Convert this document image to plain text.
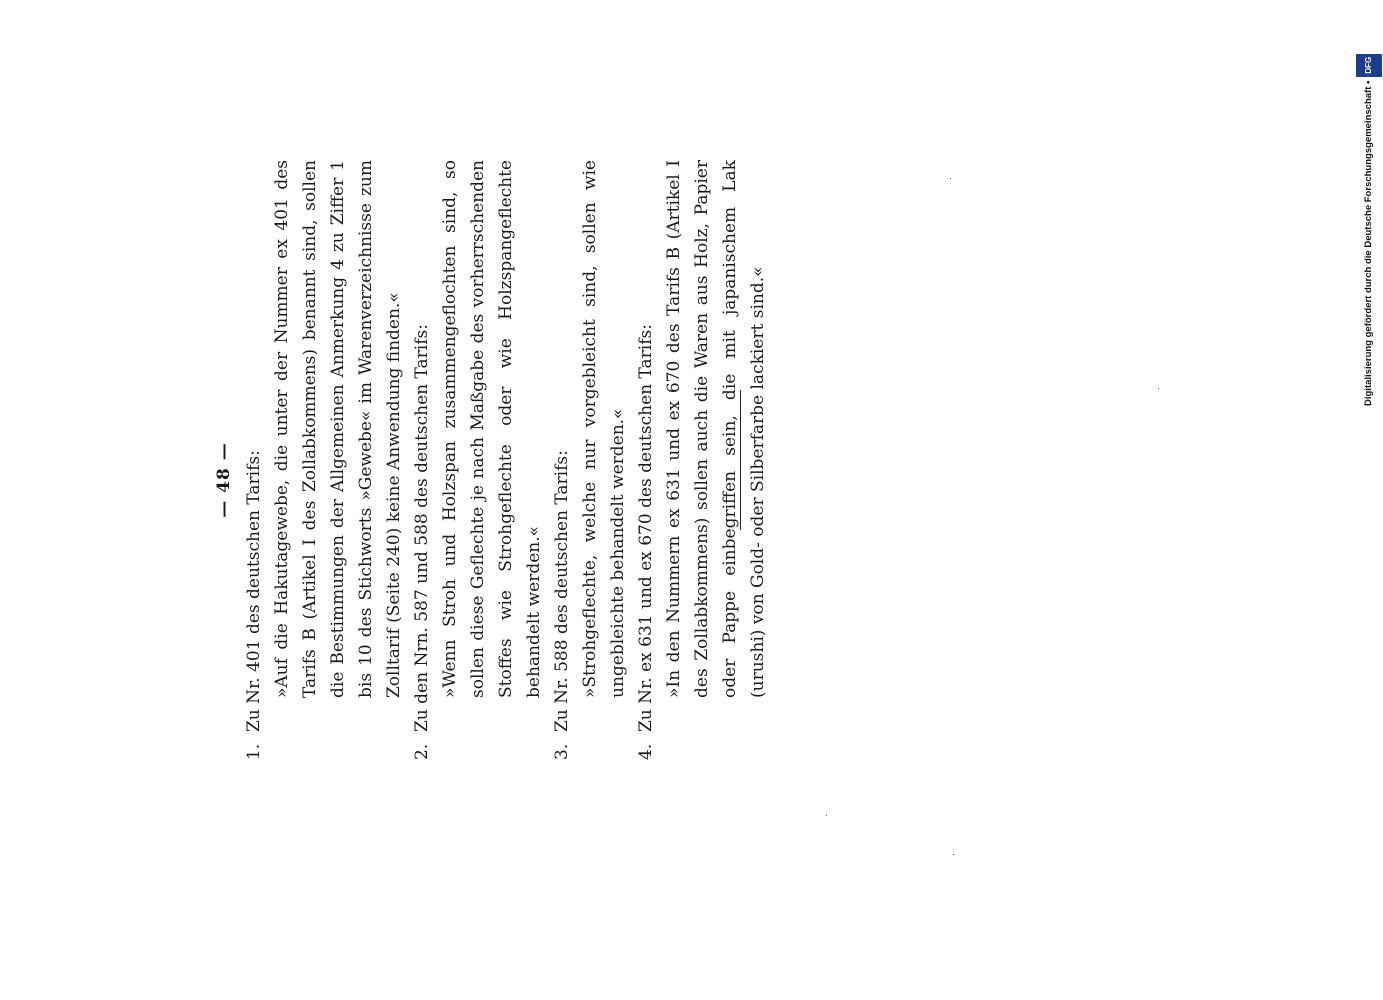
— 48 —
1.
Zu Nr. 401 des deutschen Tarifs: »Auf die Hakutagewebe, die unter der Nummer ex 401 des Tarifs B (Artikel I des Zollabkommens) benannt sind, sollen die Bestimmungen der Allgemeinen Anmerkung 4 zu Ziffer 1 bis 10 des Stichworts »Gewebe« im Warenverzeichnisse zum Zolltarif (Seite 240) keine Anwendung finden.«
2.
Zu den Nrn. 587 und 588 des deutschen Tarifs: »Wenn Stroh und Holzspan zusammengeflochten sind, so sollen diese Geflechte je nach Maßgabe des vorherrschenden Stoffes wie Strohgeflechte oder wie Holzspangeflechte behandelt werden.«
3.
Zu Nr. 588 des deutschen Tarifs: »Strohgeflechte, welche nur vorgebleicht sind, sollen wie ungebleichte behandelt werden.«
4.
Zu Nr. ex 631 und ex 670 des deutschen Tarifs: »In den Nummern ex 631 und ex 670 des Tarifs B (Artikel I des Zollabkommens) sollen auch die Waren aus Holz, Papier oder Pappe einbegriffen sein, die mit japanischem Lak (urushi) von Gold- oder Silberfarbe lackiert sind.«
Digitalisierung gefördert durch die Deutsche Forschungsgemeinschaft •
DFG
